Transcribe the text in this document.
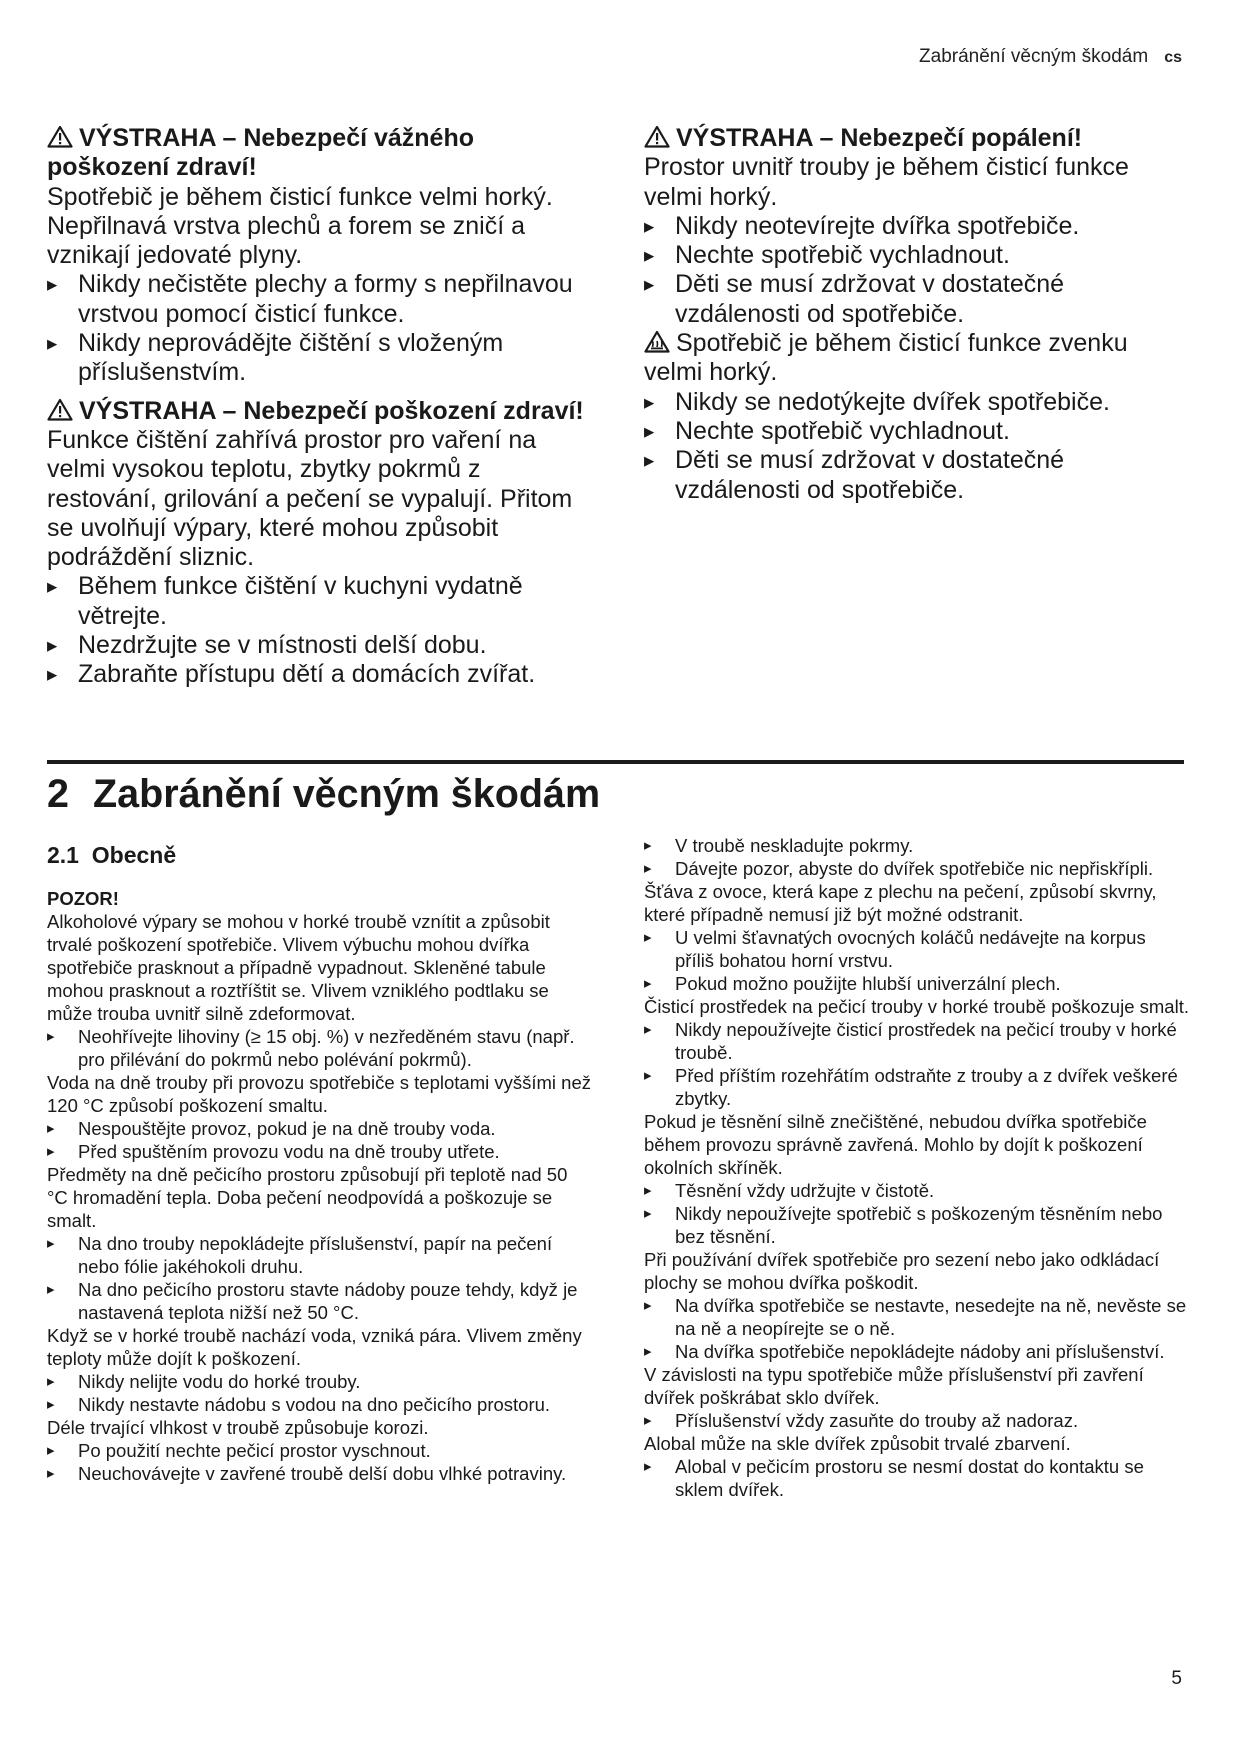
Zabránění věcným škodám cs

VÝSTRAHA – Nebezpečí vážného poškození zdraví!

Spotřebič je během čisticí funkce velmi horký. Nepřilnavá vrstva plechů a forem se zničí a vznikají jedovaté plyny.

▸ Nikdy nečistěte plechy a formy s nepřilnavou vrstvou pomocí čisticí funkce.

▸ Nikdy neprovádějte čištění s vloženým příslušenstvím.

VÝSTRAHA – Nebezpečí poškození zdraví!

Funkce čištění zahřívá prostor pro vaření na velmi vysokou teplotu, zbytky pokrmů z restování, grilování a pečení se vypalují. Přitom se uvolňují výpary, které mohou způsobit podráždění sliznic.

▸ Během funkce čištění v kuchyni vydatně větrejte.

▸ Nezdržujte se v místnosti delší dobu.

▸ Zabraňte přístupu dětí a domácích zvířat.

VÝSTRAHA – Nebezpečí popálení!

Prostor uvnitř trouby je během čisticí funkce velmi horký.

▸ Nikdy neotevírejte dvířka spotřebiče.

▸ Nechte spotřebič vychladnout.

▸ Děti se musí zdržovat v dostatečné vzdálenosti od spotřebiče.

Spotřebič je během čisticí funkce zvenku velmi horký.

▸ Nikdy se nedotýkejte dvířek spotřebiče.

▸ Nechte spotřebič vychladnout.

▸ Děti se musí zdržovat v dostatečné vzdálenosti od spotřebiče.

2 Zabránění věcným škodám
2.1 Obecně

POZOR!

Alkoholové výpary se mohou v horké troubě vznítit a způsobit trvalé poškození spotřebiče. Vlivem výbuchu mohou dvířka spotřebiče prasknout a případně vypadnout. Skleněné tabule mohou prasknout a roztříštit se. Vlivem vzniklého podtlaku se může trouba uvnitř silně zdeformovat.

▸ Neohřívejte lihoviny (≥ 15 obj. %) v nezředěném stavu (např. pro přilévání do pokrmů nebo polévání pokrmů).

Voda na dně trouby při provozu spotřebiče s teplotami vyššími než 120 °C způsobí poškození smaltu.

▸ Nespouštějte provoz, pokud je na dně trouby voda.

▸ Před spuštěním provozu vodu na dně trouby utřete.

Předměty na dně pečicího prostoru způsobují při teplotě nad 50 °C hromadění tepla. Doba pečení neodpovídá a poškozuje se smalt.

▸ Na dno trouby nepokládejte příslušenství, papír na pečení nebo fólie jakéhokoli druhu.

▸ Na dno pečicího prostoru stavte nádoby pouze tehdy, když je nastavená teplota nižší než 50 °C.

Když se v horké troubě nachází voda, vzniká pára. Vlivem změny teploty může dojít k poškození.

▸ Nikdy nelijte vodu do horké trouby.

▸ Nikdy nestavte nádobu s vodou na dno pečicího prostoru.

Déle trvající vlhkost v troubě způsobuje korozi.

▸ Po použití nechte pečicí prostor vyschnout.

▸ Neuchovávejte v zavřené troubě delší dobu vlhké potraviny.

▸ V troubě neskladujte pokrmy.

▸ Dávejte pozor, abyste do dvířek spotřebiče nic nepřiskřípli.

Šťáva z ovoce, která kape z plechu na pečení, způsobí skvrny, které případně nemusí již být možné odstranit.

▸ U velmi šťavnatých ovocných koláčů nedávejte na korpus příliš bohatou horní vrstvu.

▸ Pokud možno použijte hlubší univerzální plech.

Čisticí prostředek na pečicí trouby v horké troubě poškozuje smalt.

▸ Nikdy nepoužívejte čisticí prostředek na pečicí trouby v horké troubě.

▸ Před příštím rozehřátím odstraňte z trouby a z dvířek veškeré zbytky.

Pokud je těsnění silně znečištěné, nebudou dvířka spotřebiče během provozu správně zavřená. Mohlo by dojít k poškození okolních skříněk.

▸ Těsnění vždy udržujte v čistotě.

▸ Nikdy nepoužívejte spotřebič s poškozeným těsněním nebo bez těsnění.

Při používání dvířek spotřebiče pro sezení nebo jako odkládací plochy se mohou dvířka poškodit.

▸ Na dvířka spotřebiče se nestavte, nesedejte na ně, nevěste se na ně a neopírejte se o ně.

▸ Na dvířka spotřebiče nepokládejte nádoby ani příslušenství.

V závislosti na typu spotřebiče může příslušenství při zavření dvířek poškrábat sklo dvířek.

▸ Příslušenství vždy zasuňte do trouby až nadoraz.

Alobal může na skle dvířek způsobit trvalé zbarvení.

▸ Alobal v pečicím prostoru se nesmí dostat do kontaktu se sklem dvířek.

5
